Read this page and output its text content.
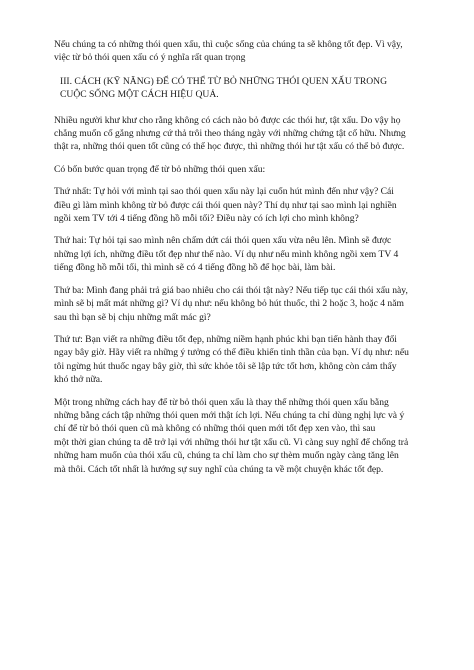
Nếu chúng ta có những thói quen xấu, thì cuộc sống của chúng ta sẽ không tốt đẹp. Vì vậy,
việc từ bỏ thói quen xấu có ý nghĩa rất quan trọng

III. CÁCH (KỸ NĂNG) ĐỂ CÓ THỂ TỪ BỎ NHỮNG THÓI QUEN XẤU TRONG
CUỘC SỐNG MỘT CÁCH HIỆU QUẢ.

Nhiều người khư khư cho rằng không có cách nào bỏ được các thói hư, tật xấu. Do vậy họ
chẳng muốn cố gắng nhưng cứ thả trôi theo tháng ngày với những chứng tật cố hữu. Nhưng
thật ra, những thói quen tốt cũng có thể học được, thì những thói hư tật xấu có thể bỏ được.

Có bốn bước quan trọng để từ bỏ những thói quen xấu:

Thứ nhất: Tự hỏi với mình tại sao thói quen xấu này lại cuốn hút mình đến như vậy? Cái
điều gì làm mình không từ bỏ được cái thói quen này? Thí dụ như tại sao mình lại nghiền
ngồi xem TV tới 4 tiếng đồng hồ mỗi tối? Điều này có ích lợi cho mình không?

Thứ hai: Tự hỏi tại sao mình nên chấm dứt cái thói quen xấu vừa nêu lên. Mình sẽ được
những lợi ích, những điều tốt đẹp như thế nào. Ví dụ như nếu mình không ngồi xem TV 4
tiếng đồng hồ mỗi tối, thì mình sẽ có 4 tiếng đồng hồ để học bài, làm bài.

Thứ ba: Mình đang phải trả giá bao nhiêu cho cái thói tật này? Nếu tiếp tục cái thói xấu này,
mình sẽ bị mất mát những gì? Ví dụ như: nếu không bỏ hút thuốc, thì 2 hoặc 3, hoặc 4 năm
sau thì bạn sẽ bị chịu những mất mác gì?

Thứ tư: Bạn viết ra những điều tốt đẹp, những niềm hạnh phúc khi bạn tiến hành thay đổi
ngay bây giờ. Hãy viết ra những ý tưởng có thể điều khiển tinh thần của bạn. Ví dụ như: nếu
tôi ngừng hút thuốc ngay bây giờ, thì sức khỏe tôi sẽ lập tức tốt hơn, không còn cảm thấy
khó thở nữa.

Một trong những cách hay để từ bỏ thói quen xấu là thay thế những thói quen xấu bằng
những bằng cách tập những thói quen mới thật ích lợi. Nếu chúng ta chỉ dùng nghị lực và ý
chí để từ bỏ thói quen cũ mà không có những thói quen mới tốt đẹp xen vào, thì sau
một thời gian chúng ta dễ trở lại với những thói hư tật xấu cũ. Vì càng suy nghĩ để chống trả
những ham muốn của thói xấu cũ, chúng ta chỉ làm cho sự thèm muốn ngày càng tăng lên
mà thôi. Cách tốt nhất là hướng sự suy nghĩ của chúng ta về một chuyện khác tốt đẹp.
